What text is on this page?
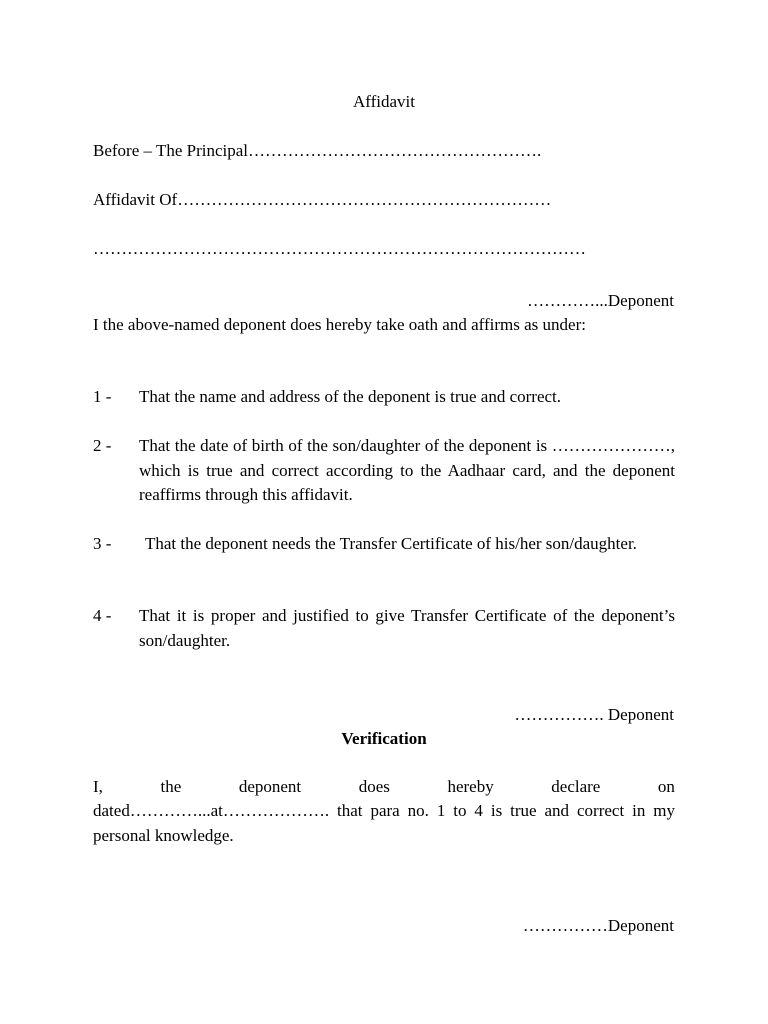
Affidavit
Before – The Principal…………………………………………….
Affidavit Of…………………………………………………………
……………………………………………………………………………
…………...Deponent
I the above-named deponent does hereby take oath and affirms as under:
1 - That the name and address of the deponent is true and correct.
2 - That the date of birth of the son/daughter of the deponent is …………………, which is true and correct according to the Aadhaar card, and the deponent reaffirms through this affidavit.
3 -	That the deponent needs the Transfer Certificate of his/her son/daughter.
4 - That it is proper and justified to give Transfer Certificate of the deponent’s son/daughter.
……………. Deponent
Verification
I,	the	deponent	does	hereby	declare	on
dated…………...at………………. that para no. 1 to 4 is true and correct in my personal knowledge.
……………Deponent
